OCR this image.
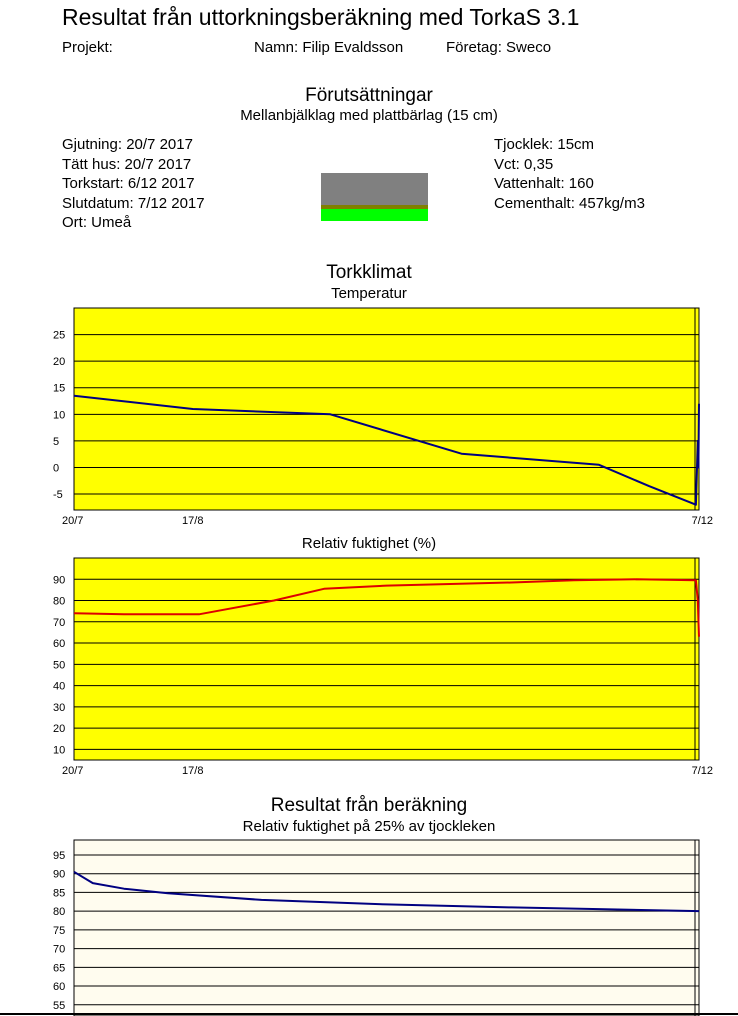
Resultat från uttorkningsberäkning med TorkaS 3.1
Projekt:	Namn: Filip Evaldsson	Företag: Sweco
Förutsättningar
Mellanbjälklag med plattbärlag (15 cm)
Gjutning: 20/7 2017
Tätt hus: 20/7 2017
Torkstart: 6/12 2017
Slutdatum: 7/12 2017
Ort: Umeå
Tjocklek: 15cm
Vct: 0,35
Vattenhalt: 160
Cementhalt: 457kg/m3
Torkklimat
Temperatur
25
20
15
10
5
0
-5
20/7	17/8	7/12
Relativ fuktighet (%)
90
80
70
60
50
40
30
20
10
20/7	17/8	7/12
Resultat från beräkning
Relativ fuktighet på 25% av tjockleken
95
90
85
80
75
70
65
60
55
